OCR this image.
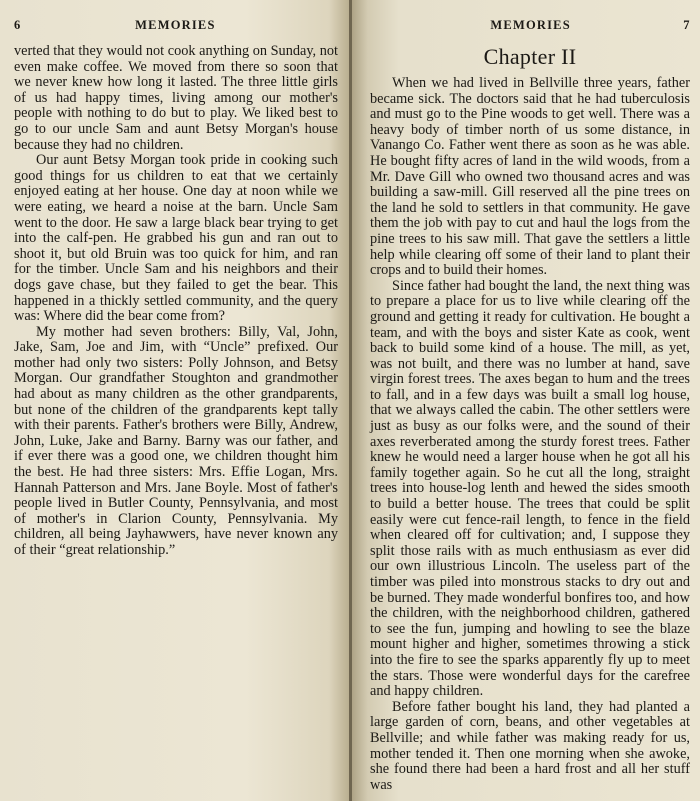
6	MEMORIES

verted that they would not cook anything on Sunday, not even make coffee. We moved from there so soon that we never knew how long it lasted. The three little girls of us had happy times, living among our mother's people with nothing to do but to play. We liked best to go to our uncle Sam and aunt Betsy Morgan's house because they had no children.

Our aunt Betsy Morgan took pride in cooking such good things for us children to eat that we certainly enjoyed eating at her house. One day at noon while we were eating, we heard a noise at the barn. Uncle Sam went to the door. He saw a large black bear trying to get into the calf-pen. He grabbed his gun and ran out to shoot it, but old Bruin was too quick for him, and ran for the timber. Uncle Sam and his neighbors and their dogs gave chase, but they failed to get the bear. This happened in a thickly settled community, and the query was: Where did the bear come from?

My mother had seven brothers: Billy, Val, John, Jake, Sam, Joe and Jim, with “Uncle” prefixed. Our mother had only two sisters: Polly Johnson, and Betsy Morgan. Our grandfather Stoughton and grandmother had about as many children as the other grandparents, but none of the children of the grandparents kept tally with their parents. Father's brothers were Billy, Andrew, John, Luke, Jake and Barny. Barny was our father, and if ever there was a good one, we children thought him the best. He had three sisters: Mrs. Effie Logan, Mrs. Hannah Patterson and Mrs. Jane Boyle. Most of father's people lived in Butler County, Pennsylvania, and most of mother's in Clarion County, Pennsylvania. My children, all being Jayhawwers, have never known any of their “great relationship.”

MEMORIES	7
Chapter II

When we had lived in Bellville three years, father became sick. The doctors said that he had tuberculosis and must go to the Pine woods to get well. There was a heavy body of timber north of us some distance, in Vanango Co. Father went there as soon as he was able. He bought fifty acres of land in the wild woods, from a Mr. Dave Gill who owned two thousand acres and was building a saw-mill. Gill reserved all the pine trees on the land he sold to settlers in that community. He gave them the job with pay to cut and haul the logs from the pine trees to his saw mill. That gave the settlers a little help while clearing off some of their land to plant their crops and to build their homes.

Since father had bought the land, the next thing was to prepare a place for us to live while clearing off the ground and getting it ready for cultivation. He bought a team, and with the boys and sister Kate as cook, went back to build some kind of a house. The mill, as yet, was not built, and there was no lumber at hand, save virgin forest trees. The axes began to hum and the trees to fall, and in a few days was built a small log house, that we always called the cabin. The other settlers were just as busy as our folks were, and the sound of their axes reverberated among the sturdy forest trees. Father knew he would need a larger house when he got all his family together again. So he cut all the long, straight trees into house-log lenth and hewed the sides smooth to build a better house. The trees that could be split easily were cut fence-rail length, to fence in the field when cleared off for cultivation; and, I suppose they split those rails with as much enthusiasm as ever did our own illustrious Lincoln. The useless part of the timber was piled into monstrous stacks to dry out and be burned. They made wonderful bonfires too, and how the children, with the neighborhood children, gathered to see the fun, jumping and howling to see the blaze mount higher and higher, sometimes throwing a stick into the fire to see the sparks apparently fly up to meet the stars. Those were wonderful days for the carefree and happy children.

Before father bought his land, they had planted a large garden of corn, beans, and other vegetables at Bellville; and while father was making ready for us, mother tended it. Then one morning when she awoke, she found there had been a hard frost and all her stuff was
